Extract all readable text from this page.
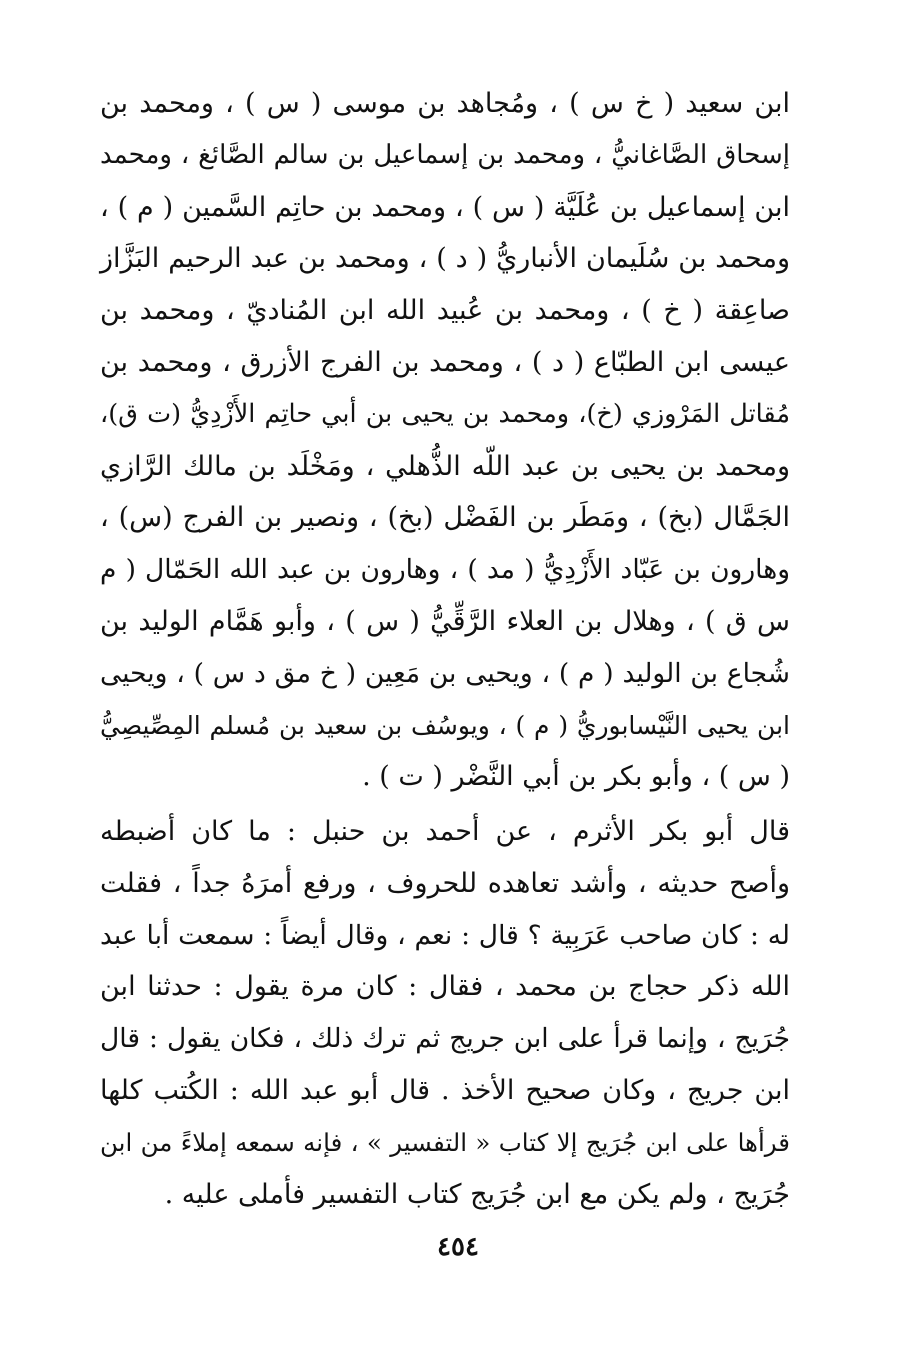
ابن سعيد ( خ س ) ، ومُجاهد بن موسى ( س ) ، ومحمد بن
إسحاق الصَّاغانيُّ ، ومحمد بن إسماعيل بن سالم الصَّائغ ، ومحمد
ابن إسماعيل بن عُلَيَّة ( س ) ، ومحمد بن حاتِم السَّمين ( م ) ،
ومحمد بن سُلَيمان الأنباريُّ ( د ) ، ومحمد بن عبد الرحيم البَزَّاز
صاعِقة ( خ ) ، ومحمد بن عُبيد الله ابن المُناديّ ، ومحمد بن
عيسى ابن الطبّاع ( د ) ، ومحمد بن الفرج الأزرق ، ومحمد بن
مُقاتل المَرْوزي (خ)، ومحمد بن يحيى بن أبي حاتِم الأَزْدِيُّ (ت ق)،
ومحمد بن يحيى بن عبد اللّه الذُّهلي ، ومَخْلَد بن مالك الرَّازي
الجَمَّال (بخ) ، ومَطَر بن الفَضْل (بخ) ، ونصير بن الفرج (س) ،
وهارون بن عَبّاد الأَزْدِيُّ ( مد ) ، وهارون بن عبد الله الحَمّال ( م
س ق ) ، وهلال بن العلاء الرَّقِّيُّ ( س ) ، وأبو هَمَّام الوليد بن
شُجاع بن الوليد ( م ) ، ويحيى بن مَعِين ( خ مق د س ) ، ويحيى
ابن يحيى النَّيْسابوريُّ ( م ) ، ويوسُف بن سعيد بن مُسلم المِصِّيصِيُّ
( س ) ، وأبو بكر بن أبي النَّضْر ( ت ) .
قال أبو بكر الأثرم ، عن أحمد بن حنبل : ما كان أضبطه
وأصح حديثه ، وأشد تعاهده للحروف ، ورفع أمرَهُ جداً ، فقلت
له : كان صاحب عَرَبِية ؟ قال : نعم ، وقال أيضاً : سمعت أبا عبد
الله ذكر حجاج بن محمد ، فقال : كان مرة يقول : حدثنا ابن
جُرَيج ، وإنما قرأ على ابن جريج ثم ترك ذلك ، فكان يقول : قال
ابن جريج ، وكان صحيح الأخذ . قال أبو عبد الله : الكُتب كلها
قرأها على ابن جُرَيج إلا كتاب « التفسير » ، فإنه سمعه إملاءً من ابن
جُرَيج ، ولم يكن مع ابن جُرَيج كتاب التفسير فأملى عليه .
٤٥٤
